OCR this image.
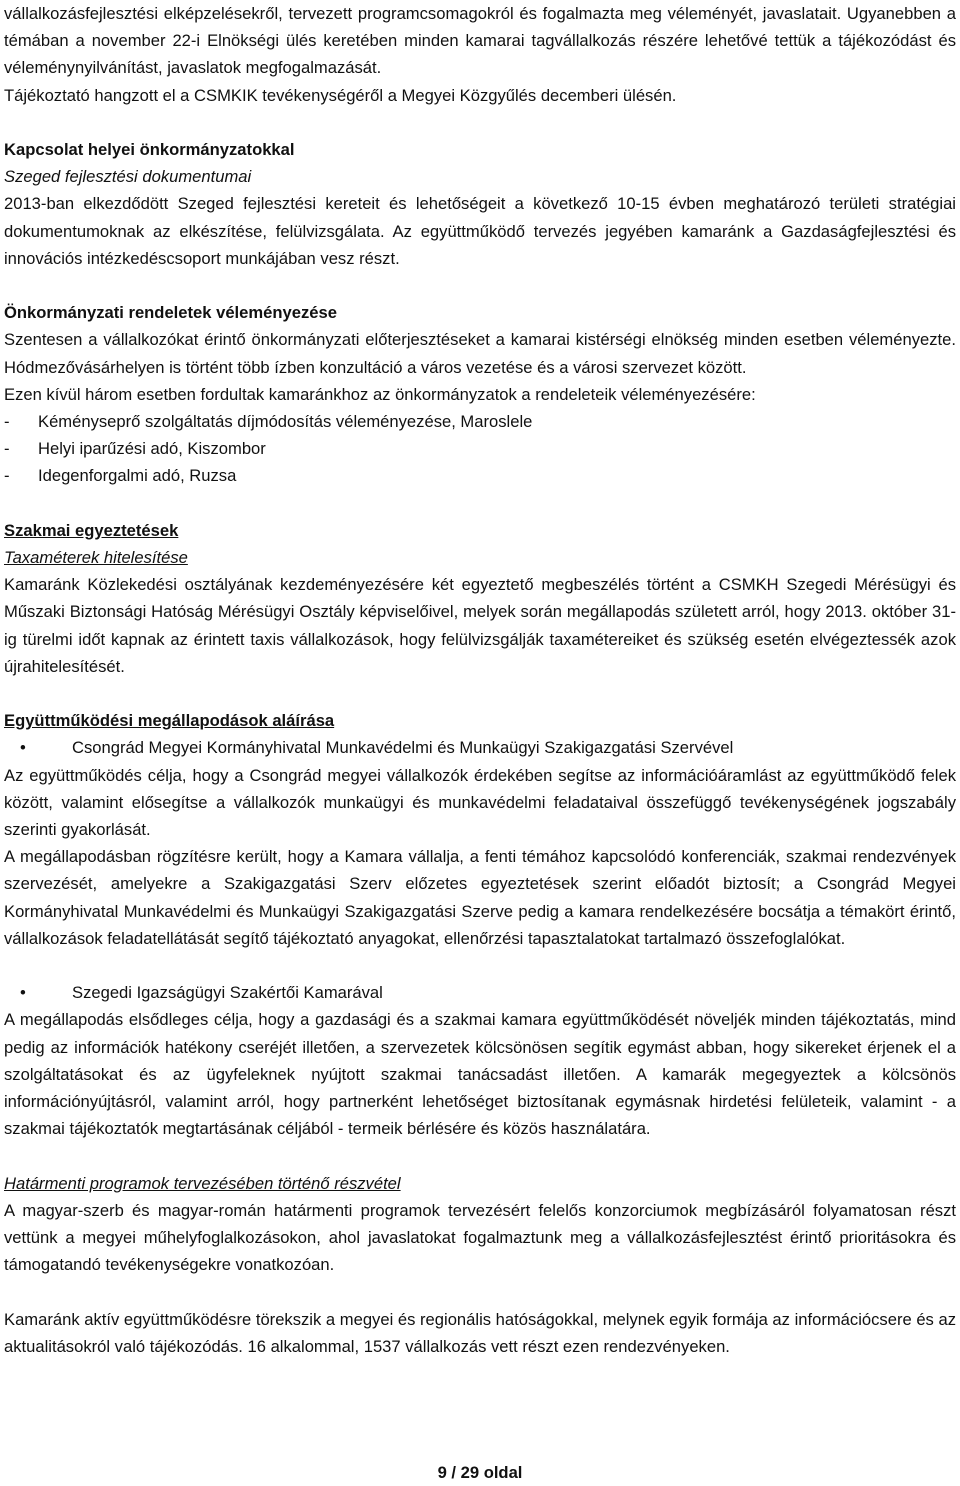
vállalkozásfejlesztési elképzelésekről, tervezett programcsomagokról és fogalmazta meg véleményét, javaslatait. Ugyanebben a témában a november 22-i Elnökségi ülés keretében minden kamarai tagvállalkozás részére lehetővé tettük a tájékozódást és véleménynyilvánítást, javaslatok megfogalmazását.

Tájékoztató hangzott el a CSMKIK tevékenységéről a Megyei Közgyűlés decemberi ülésén.

Kapcsolat helyei önkormányzatokkal

Szeged fejlesztési dokumentumai

2013-ban elkezdődött Szeged fejlesztési kereteit és lehetőségeit a következő 10-15 évben meghatározó területi stratégiai dokumentumoknak az elkészítése, felülvizsgálata. Az együttműködő tervezés jegyében kamaránk a Gazdaságfejlesztési és innovációs intézkedéscsoport munkájában vesz részt.

Önkormányzati rendeletek véleményezése

Szentesen a vállalkozókat érintő önkormányzati előterjesztéseket a kamarai kistérségi elnökség minden esetben véleményezte. Hódmezővásárhelyen is történt több ízben konzultáció a város vezetése és a városi szervezet között.

Ezen kívül három esetben fordultak kamaránkhoz az önkormányzatok a rendeleteik véleményezésére:

-	Kéményseprő szolgáltatás díjmódosítás véleményezése, Maroslele
-	Helyi iparűzési adó, Kiszombor
-	Idegenforgalmi adó, Ruzsa

Szakmai egyeztetések

Taxaméterek hitelesítése

Kamaránk Közlekedési osztályának kezdeményezésére két egyeztető megbeszélés történt a CSMKH Szegedi Mérésügyi és Műszaki Biztonsági Hatóság Mérésügyi Osztály képviselőivel, melyek során megállapodás született arról, hogy 2013. október 31-ig türelmi időt kapnak az érintett taxis vállalkozások, hogy felülvizsgálják taxamétereiket és szükség esetén elvégeztessék azok újrahitelesítését.

Együttműködési megállapodások aláírása

•	Csongrád Megyei Kormányhivatal Munkavédelmi és Munkaügyi Szakigazgatási Szervével

Az együttműködés célja, hogy a Csongrád megyei vállalkozók érdekében segítse az információáramlást az együttműködő felek között, valamint elősegítse a vállalkozók munkaügyi és munkavédelmi feladataival összefüggő tevékenységének jogszabály szerinti gyakorlását.

A megállapodásban rögzítésre került, hogy a Kamara vállalja, a fenti témához kapcsolódó konferenciák, szakmai rendezvények szervezését, amelyekre a Szakigazgatási Szerv előzetes egyeztetések szerint előadót biztosít; a Csongrád Megyei Kormányhivatal Munkavédelmi és Munkaügyi Szakigazgatási Szerve pedig a kamara rendelkezésére bocsátja a témakört érintő, vállalkozások feladatellátását segítő tájékoztató anyagokat, ellenőrzési tapasztalatokat tartalmazó összefoglalókat.

•	Szegedi Igazságügyi Szakértői Kamarával

A megállapodás elsődleges célja, hogy a gazdasági és a szakmai kamara együttműködését növeljék minden tájékoztatás, mind pedig az információk hatékony cseréjét illetően, a szervezetek kölcsönösen segítik egymást abban, hogy sikereket érjenek el a szolgáltatásokat és az ügyfeleknek nyújtott szakmai tanácsadást illetően. A kamarák megegyeztek a kölcsönös információnyújtásról, valamint arról, hogy partnerként lehetőséget biztosítanak egymásnak hirdetési felületeik, valamint - a szakmai tájékoztatók megtartásának céljából - termeik bérlésére és közös használatára.

Határmenti programok tervezésében történő részvétel

A magyar-szerb és magyar-román határmenti programok tervezésért felelős konzorciumok megbízásáról folyamatosan részt vettünk a megyei műhelyfoglalkozásokon, ahol javaslatokat fogalmaztunk meg a vállalkozásfejlesztést érintő prioritásokra és támogatandó tevékenységekre vonatkozóan.

Kamaránk aktív együttműködésre törekszik a megyei és regionális hatóságokkal, melynek egyik formája az információcsere és az aktualitásokról való tájékozódás. 16 alkalommal, 1537 vállalkozás vett részt ezen rendezvényeken.

9 / 29 oldal
